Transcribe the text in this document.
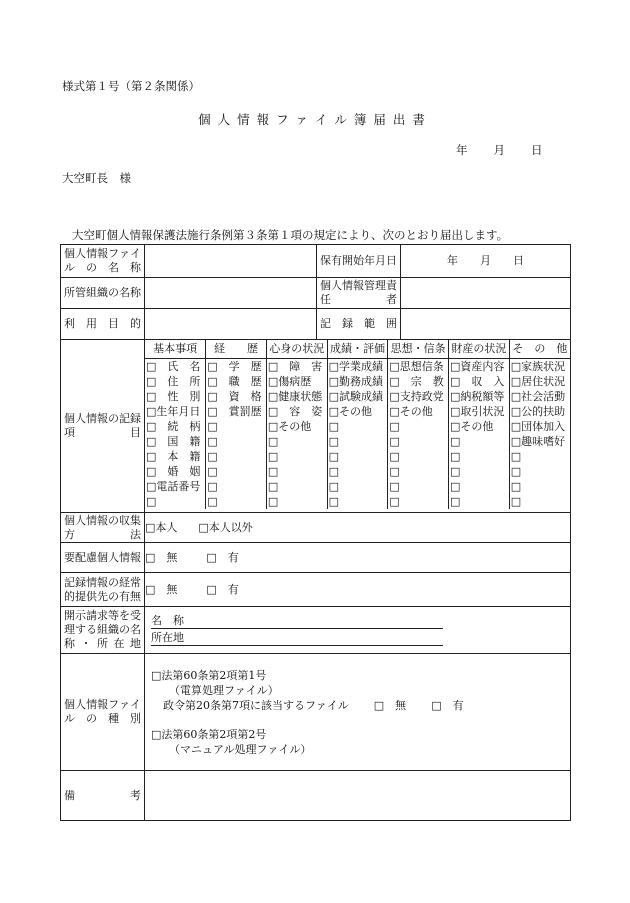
様式第１号（第２条関係）
個人情報ファイル簿届出書
年　　月　　日
大空町長　様
大空町個人情報保護法施行条例第３条第１項の規定により、次のとおり届出します。
個人情報ファイルの名称		保有開始年月日	年　　月　　日
所管組織の名称		個人情報管理責任者	
利用目的		記録範囲	
個人情報の記録項目	
基本事項	経　　歴	心身の状況	成績・評価	思想・信条	財産の状況	そ　の　他
□　氏　名	□　学　歴	□　障　害	□学業成績	□思想信条	□資産内容	□家族状況
□　住　所	□　職　歴	□傷病歴	□勤務成績	□　宗　教	□　収　入	□居住状況
□　性　別	□　資　格	□健康状態	□試験成績	□支持政党	□納税額等	□社会活動
□生年月日	□　賞罰歴	□　容　姿	□その他	□その他	□取引状況	□公的扶助
□　続　柄	□	□その他	□	□	□その他	□団体加入
□　国　籍	□	□	□	□	□	□趣味嗜好
□　本　籍	□	□	□	□	□	□
□　婚　姻	□	□	□	□	□	□
□電話番号	□	□	□	□	□	□
□	□	□	□	□	□	□

個人情報の収集方法	□本人 □本人以外
要配慮個人情報	□　無	□　有
記録情報の経常的提供先の有無	□　無	□　有
開示請求等を受理する組織の名称・所在地	
名　称
所在地

個人情報ファイルの種別	
□法第60条第2項第1号
（電算処理ファイル）
政令第20条第7項に該当するファイル □　無 □　有
□法第60条第2項第2号
（マニュアル処理ファイル）

備　　考	
